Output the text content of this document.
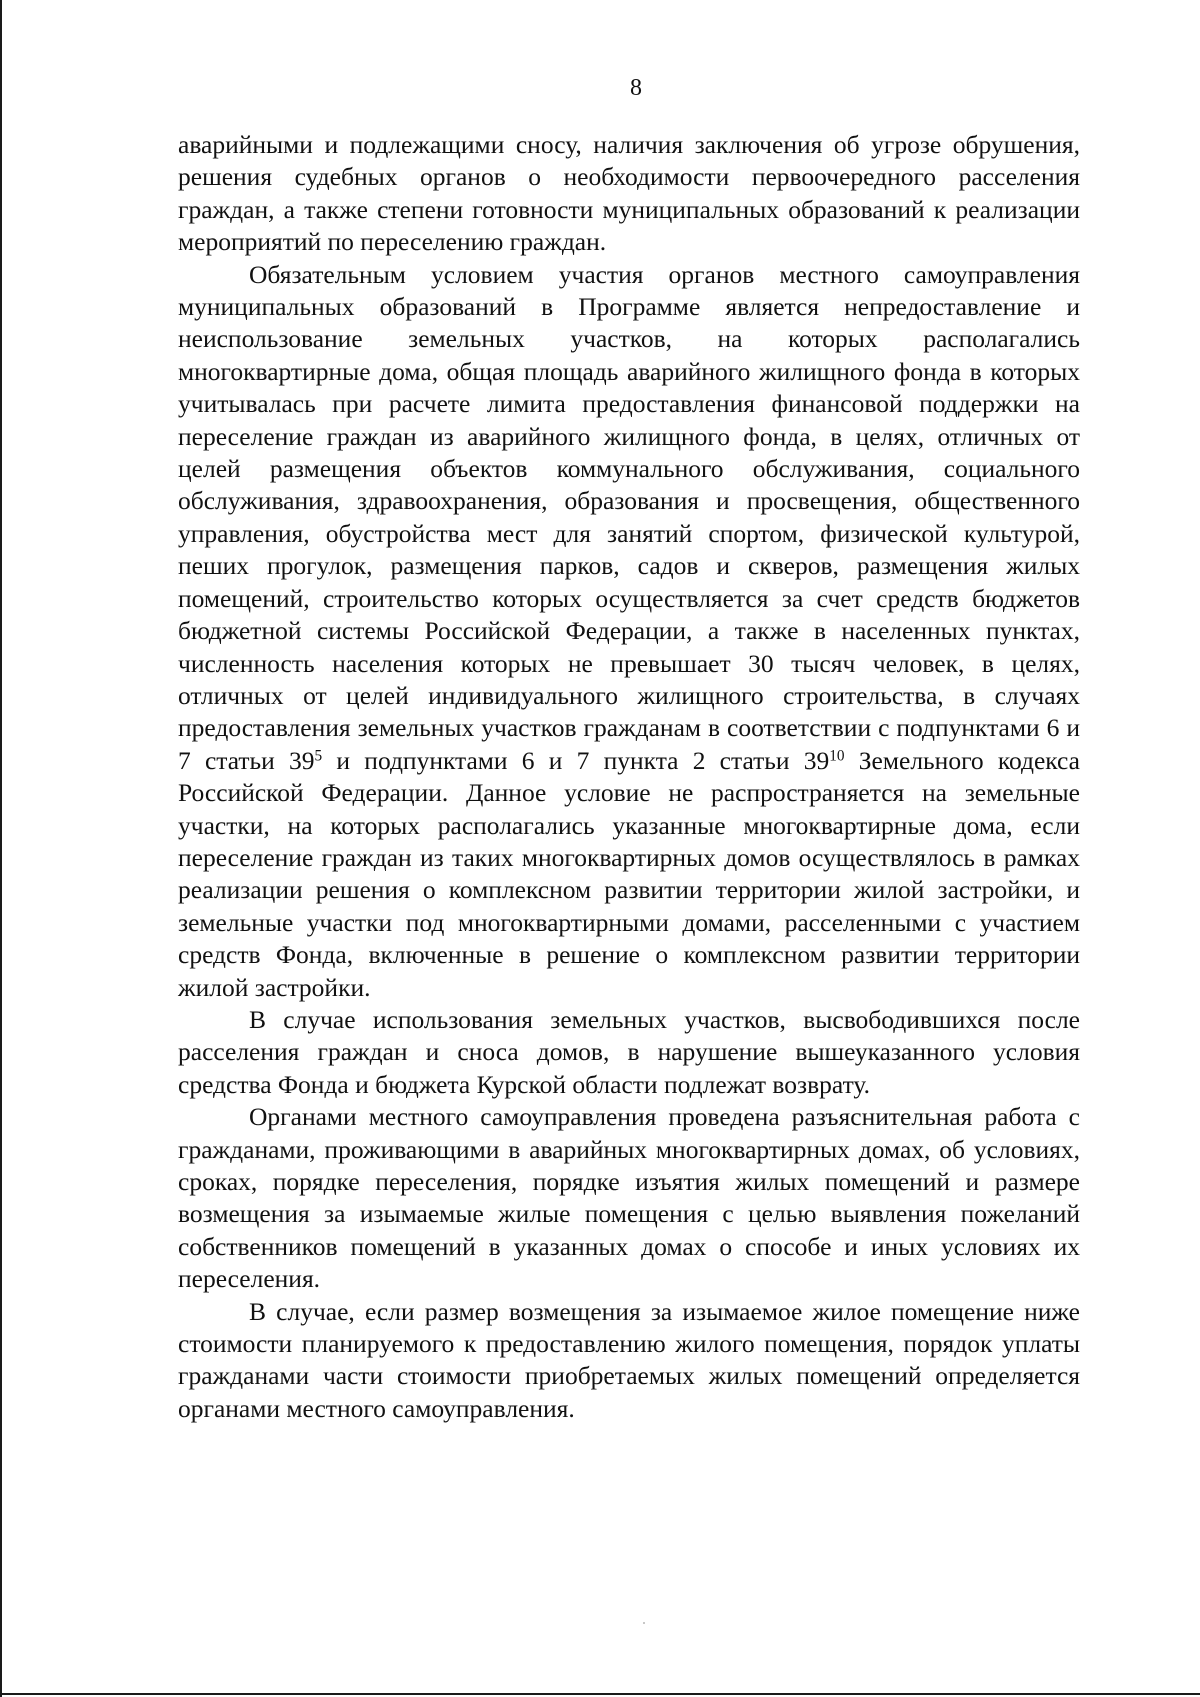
8

аварийными и подлежащими сносу, наличия заключения об угрозе обрушения, решения судебных органов о необходимости первоочередного расселения граждан, а также степени готовности муниципальных образований к реализации мероприятий по переселению граждан.

Обязательным условием участия органов местного самоуправления муниципальных образований в Программе является непредоставление и неиспользование земельных участков, на которых располагались многоквартирные дома, общая площадь аварийного жилищного фонда в которых учитывалась при расчете лимита предоставления финансовой поддержки на переселение граждан из аварийного жилищного фонда, в целях, отличных от целей размещения объектов коммунального обслуживания, социального обслуживания, здравоохранения, образования и просвещения, общественного управления, обустройства мест для занятий спортом, физической культурой, пеших прогулок, размещения парков, садов и скверов, размещения жилых помещений, строительство которых осуществляется за счет средств бюджетов бюджетной системы Российской Федерации, а также в населенных пунктах, численность населения которых не превышает 30 тысяч человек, в целях, отличных от целей индивидуального жилищного строительства, в случаях предоставления земельных участков гражданам в соответствии с подпунктами 6 и 7 статьи $39^5$ и подпунктами 6 и 7 пункта 2 статьи $39^{10}$ Земельного кодекса Российской Федерации. Данное условие не распространяется на земельные участки, на которых располагались указанные многоквартирные дома, если переселение граждан из таких многоквартирных домов осуществлялось в рамках реализации решения о комплексном развитии территории жилой застройки, и земельные участки под многоквартирными домами, расселенными с участием средств Фонда, включенные в решение о комплексном развитии территории жилой застройки.

В случае использования земельных участков, высвободившихся после расселения граждан и сноса домов, в нарушение вышеуказанного условия средства Фонда и бюджета Курской области подлежат возврату.

Органами местного самоуправления проведена разъяснительная работа с гражданами, проживающими в аварийных многоквартирных домах, об условиях, сроках, порядке переселения, порядке изъятия жилых помещений и размере возмещения за изымаемые жилые помещения с целью выявления пожеланий собственников помещений в указанных домах о способе и иных условиях их переселения.

В случае, если размер возмещения за изымаемое жилое помещение ниже стоимости планируемого к предоставлению жилого помещения, порядок уплаты гражданами части стоимости приобретаемых жилых помещений определяется органами местного самоуправления.
